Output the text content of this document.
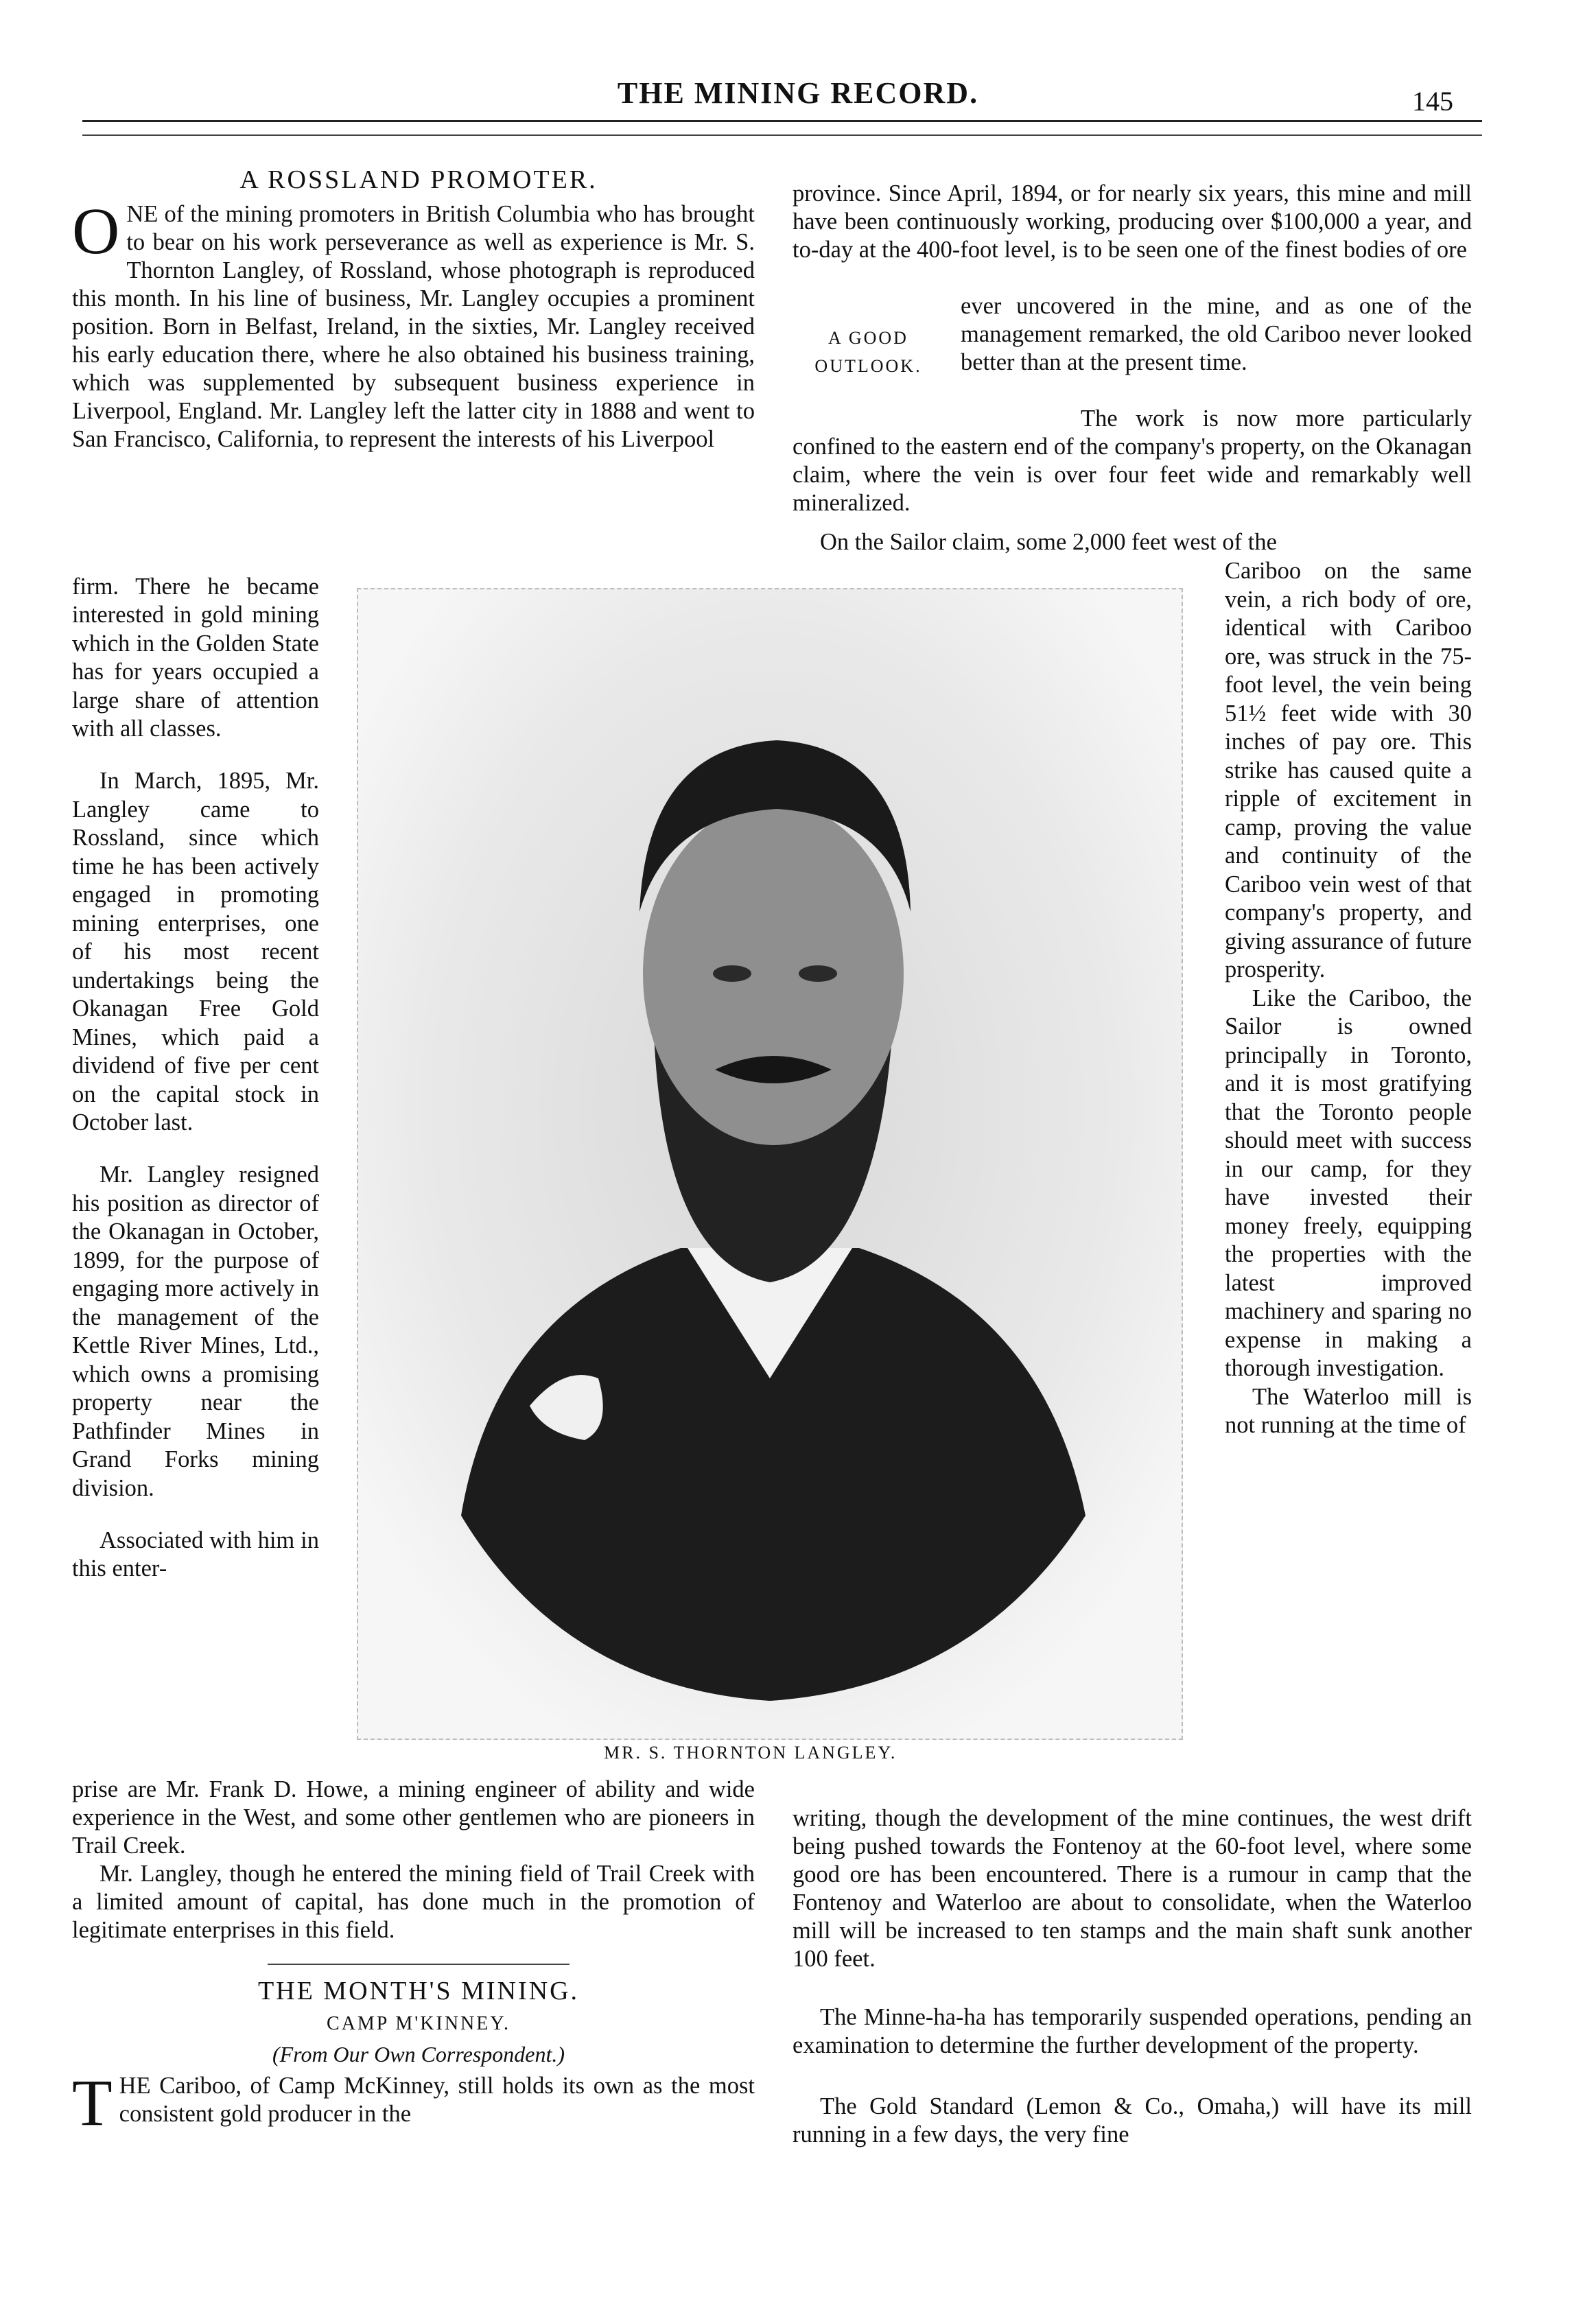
THE MINING RECORD.	145
A ROSSLAND PROMOTER.
O NE of the mining promoters in British Columbia who has brought to bear on his work perseverance as well as experience is Mr. S. Thornton Langley, of Rossland, whose photograph is reproduced this month. In his line of business, Mr. Langley occupies a prominent position. Born in Belfast, Ireland, in the sixties, Mr. Langley received his early education there, where he also obtained his business training, which was supplemented by subsequent business experience in Liverpool, England. Mr. Langley left the latter city in 1888 and went to San Francisco, California, to represent the interests of his Liverpool

firm. There he became interested in gold mining which in the Golden State has for years occupied a large share of attention with all classes.

In March, 1895, Mr. Langley came to Rossland, since which time he has been actively engaged in promoting mining enterprises, one of his most recent undertakings being the Okanagan Free Gold Mines, which paid a dividend of five per cent on the capital stock in October last.

Mr. Langley resigned his position as director of the Okanagan in October, 1899, for the purpose of engaging more actively in the management of the Kettle River Mines, Ltd., which owns a promising property near the Pathfinder Mines in Grand Forks mining division.

Associated with him in this enter-

prise are Mr. Frank D. Howe, a mining engineer of ability and wide experience in the West, and some other gentlemen who are pioneers in Trail Creek.

Mr. Langley, though he entered the mining field of Trail Creek with a limited amount of capital, has done much in the promotion of legitimate enterprises in this field.

MR. S. THORNTON LANGLEY.
THE MONTH'S MINING.
CAMP M'KINNEY.
(From Our Own Correspondent.)
T HE Cariboo, of Camp McKinney, still holds its own as the most consistent gold producer in the
province. Since April, 1894, or for nearly six years, this mine and mill have been continuously working, producing over $100,000 a year, and to-day at the 400-foot level, is to be seen one of the finest bodies of ore
A GOOD
OUTLOOK.
ever uncovered in the mine, and as one of the management remarked, the old Cariboo never looked better than at the present time.
The work is now more particularly confined to the eastern end of the company's property, on the Okanagan claim, where the vein is over four feet wide and remarkably well mineralized.
On the Sailor claim, some 2,000 feet west of the

Cariboo on the same vein, a rich body of ore, identical with Cariboo ore, was struck in the 75-foot level, the vein being 51½ feet wide with 30 inches of pay ore. This strike has caused quite a ripple of excitement in camp, proving the value and continuity of the Cariboo vein west of that company's property, and giving assurance of future prosperity.

Like the Cariboo, the Sailor is owned principally in Toronto, and it is most gratifying that the Toronto people should meet with success in our camp, for they have invested their money freely, equipping the properties with the latest improved machinery and sparing no expense in making a thorough investigation.

The Waterloo mill is not running at the time of

writing, though the development of the mine continues, the west drift being pushed towards the Fontenoy at the 60-foot level, where some good ore has been encountered. There is a rumour in camp that the Fontenoy and Waterloo are about to consolidate, when the Waterloo mill will be increased to ten stamps and the main shaft sunk another 100 feet.
The Minne-ha-ha has temporarily suspended operations, pending an examination to determine the further development of the property.
The Gold Standard (Lemon & Co., Omaha,) will have its mill running in a few days, the very fine
